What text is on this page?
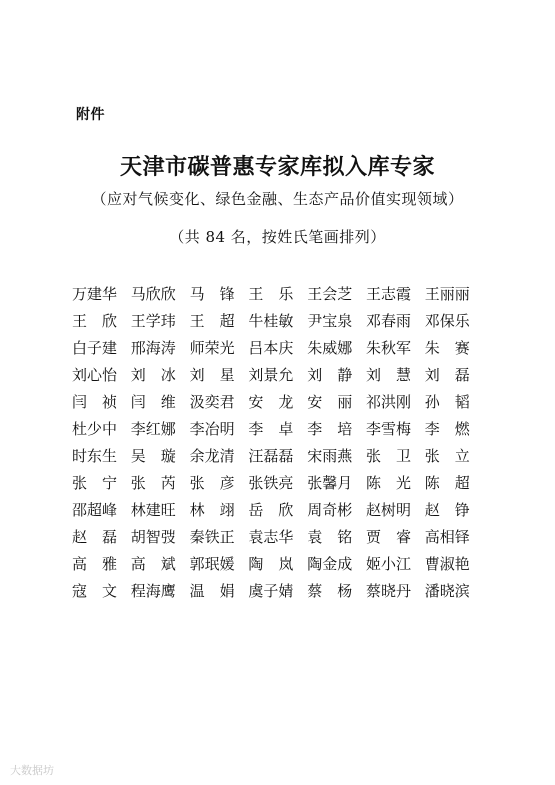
附件
天津市碳普惠专家库拟入库专家
（应对气候变化、绿色金融、生态产品价值实现领域）
（共 84 名，按姓氏笔画排列）
万建华 马欣欣 马　锋 王　乐 王会芝 王志霞 王丽丽
王　欣 王学玮 王　超 牛桂敏 尹宝泉 邓春雨 邓保乐
白子建 邢海涛 师荣光 吕本庆 朱威娜 朱秋军 朱　赛
刘心怡 刘　冰 刘　星 刘景允 刘　静 刘　慧 刘　磊
闫　祯 闫　维 汲奕君 安　龙 安　丽 祁洪刚 孙　韬
杜少中 李红娜 李冶明 李　卓 李　培 李雪梅 李　燃
时东生 吴　璇 余龙清 汪磊磊 宋雨燕 张　卫 张　立
张　宁 张　芮 张　彦 张铁亮 张馨月 陈　光 陈　超
邵超峰 林建旺 林　翊 岳　欣 周奇彬 赵树明 赵　铮
赵　磊 胡智弢 秦铁正 袁志华 袁　铭 贾　睿 高相铎
高　雅 高　斌 郭珉媛 陶　岚 陶金成 姬小江 曹淑艳
寇　文 程海鹰 温　娟 虞子婧 蔡　杨 蔡晓丹 潘晓滨
大数据坊
